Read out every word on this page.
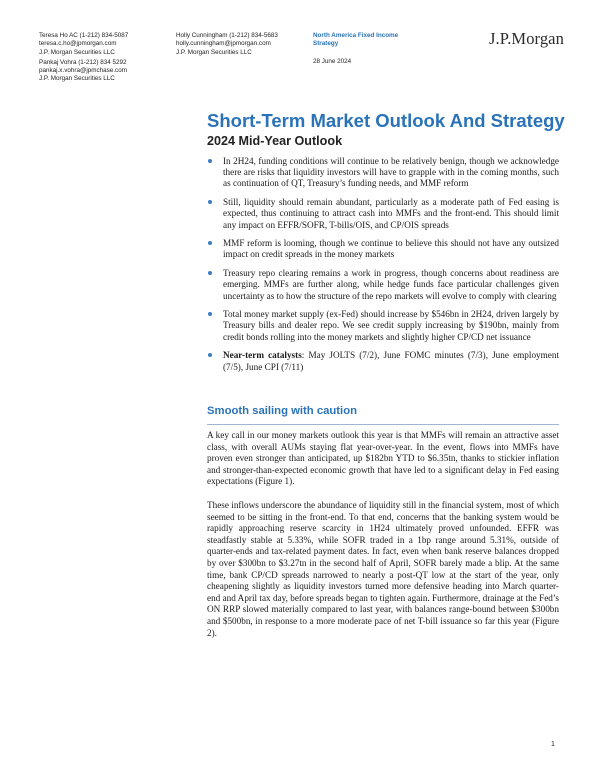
Teresa Ho AC (1-212) 834-5087
teresa.c.ho@jpmorgan.com
J.P. Morgan Securities LLC
Pankaj Vohra (1-212) 834 5292
pankaj.x.vohra@jpmchase.com
J.P. Morgan Securities LLC
Holly Cunningham (1-212) 834-5683
holly.cunningham@jpmorgan.com
J.P. Morgan Securities LLC
North America Fixed Income Strategy
28 June 2024
J.P.Morgan
Short-Term Market Outlook And Strategy
2024 Mid-Year Outlook
In 2H24, funding conditions will continue to be relatively benign, though we acknowledge there are risks that liquidity investors will have to grapple with in the coming months, such as continuation of QT, Treasury’s funding needs, and MMF reform
Still, liquidity should remain abundant, particularly as a moderate path of Fed easing is expected, thus continuing to attract cash into MMFs and the front-end. This should limit any impact on EFFR/SOFR, T-bills/OIS, and CP/OIS spreads
MMF reform is looming, though we continue to believe this should not have any outsized impact on credit spreads in the money markets
Treasury repo clearing remains a work in progress, though concerns about readiness are emerging. MMFs are further along, while hedge funds face particular challenges given uncertainty as to how the structure of the repo markets will evolve to comply with clearing
Total money market supply (ex-Fed) should increase by $546bn in 2H24, driven largely by Treasury bills and dealer repo. We see credit supply increasing by $190bn, mainly from credit bonds rolling into the money markets and slightly higher CP/CD net issuance
Near-term catalysts: May JOLTS (7/2), June FOMC minutes (7/3), June employment (7/5), June CPI (7/11)
Smooth sailing with caution

A key call in our money markets outlook this year is that MMFs will remain an attractive asset class, with overall AUMs staying flat year-over-year. In the event, flows into MMFs have proven even stronger than anticipated, up $182bn YTD to $6.35tn, thanks to stickier inflation and stronger-than-expected economic growth that have led to a significant delay in Fed easing expectations (Figure 1).

These inflows underscore the abundance of liquidity still in the financial system, most of which seemed to be sitting in the front-end. To that end, concerns that the banking system would be rapidly approaching reserve scarcity in 1H24 ultimately proved unfounded. EFFR was steadfastly stable at 5.33%, while SOFR traded in a 1bp range around 5.31%, outside of quarter-ends and tax-related payment dates. In fact, even when bank reserve balances dropped by over $300bn to $3.27tn in the second half of April, SOFR barely made a blip. At the same time, bank CP/CD spreads narrowed to nearly a post-QT low at the start of the year, only cheapening slightly as liquidity investors turned more defensive heading into March quarter-end and April tax day, before spreads began to tighten again. Furthermore, drainage at the Fed’s ON RRP slowed materially compared to last year, with balances range-bound between $300bn and $500bn, in response to a more moderate pace of net T-bill issuance so far this year (Figure 2).

1
